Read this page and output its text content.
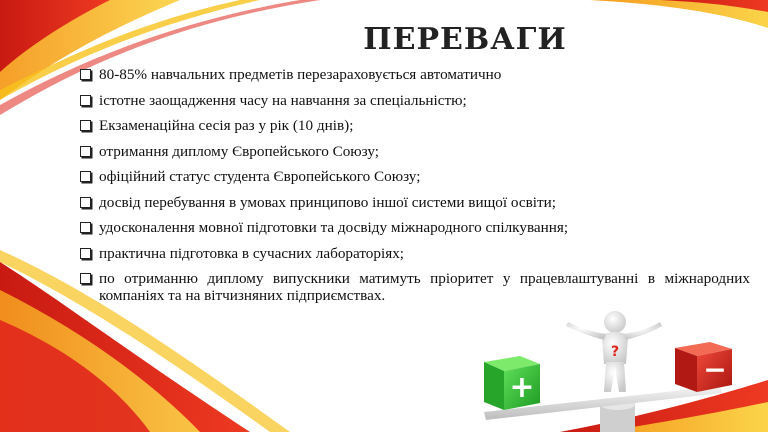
ПЕРЕВАГИ
80-85% навчальних предметів перезараховується автоматично
істотне заощадження часу на навчання за спеціальністю;
Екзаменаційна сесія раз у рік (10 днів);
отримання диплому Європейського Союзу;
офіційний статус студента Європейського Союзу;
досвід перебування в умовах принципово іншої системи вищої освіти;
удосконалення мовної підготовки та досвіду міжнародного спілкування;
практична підготовка в сучасних лабораторіях;
по отриманню диплому випускники матимуть пріоритет у працевлаштуванні в міжнародних компаніях та на вітчизняних підприємствах.
+
−
?
